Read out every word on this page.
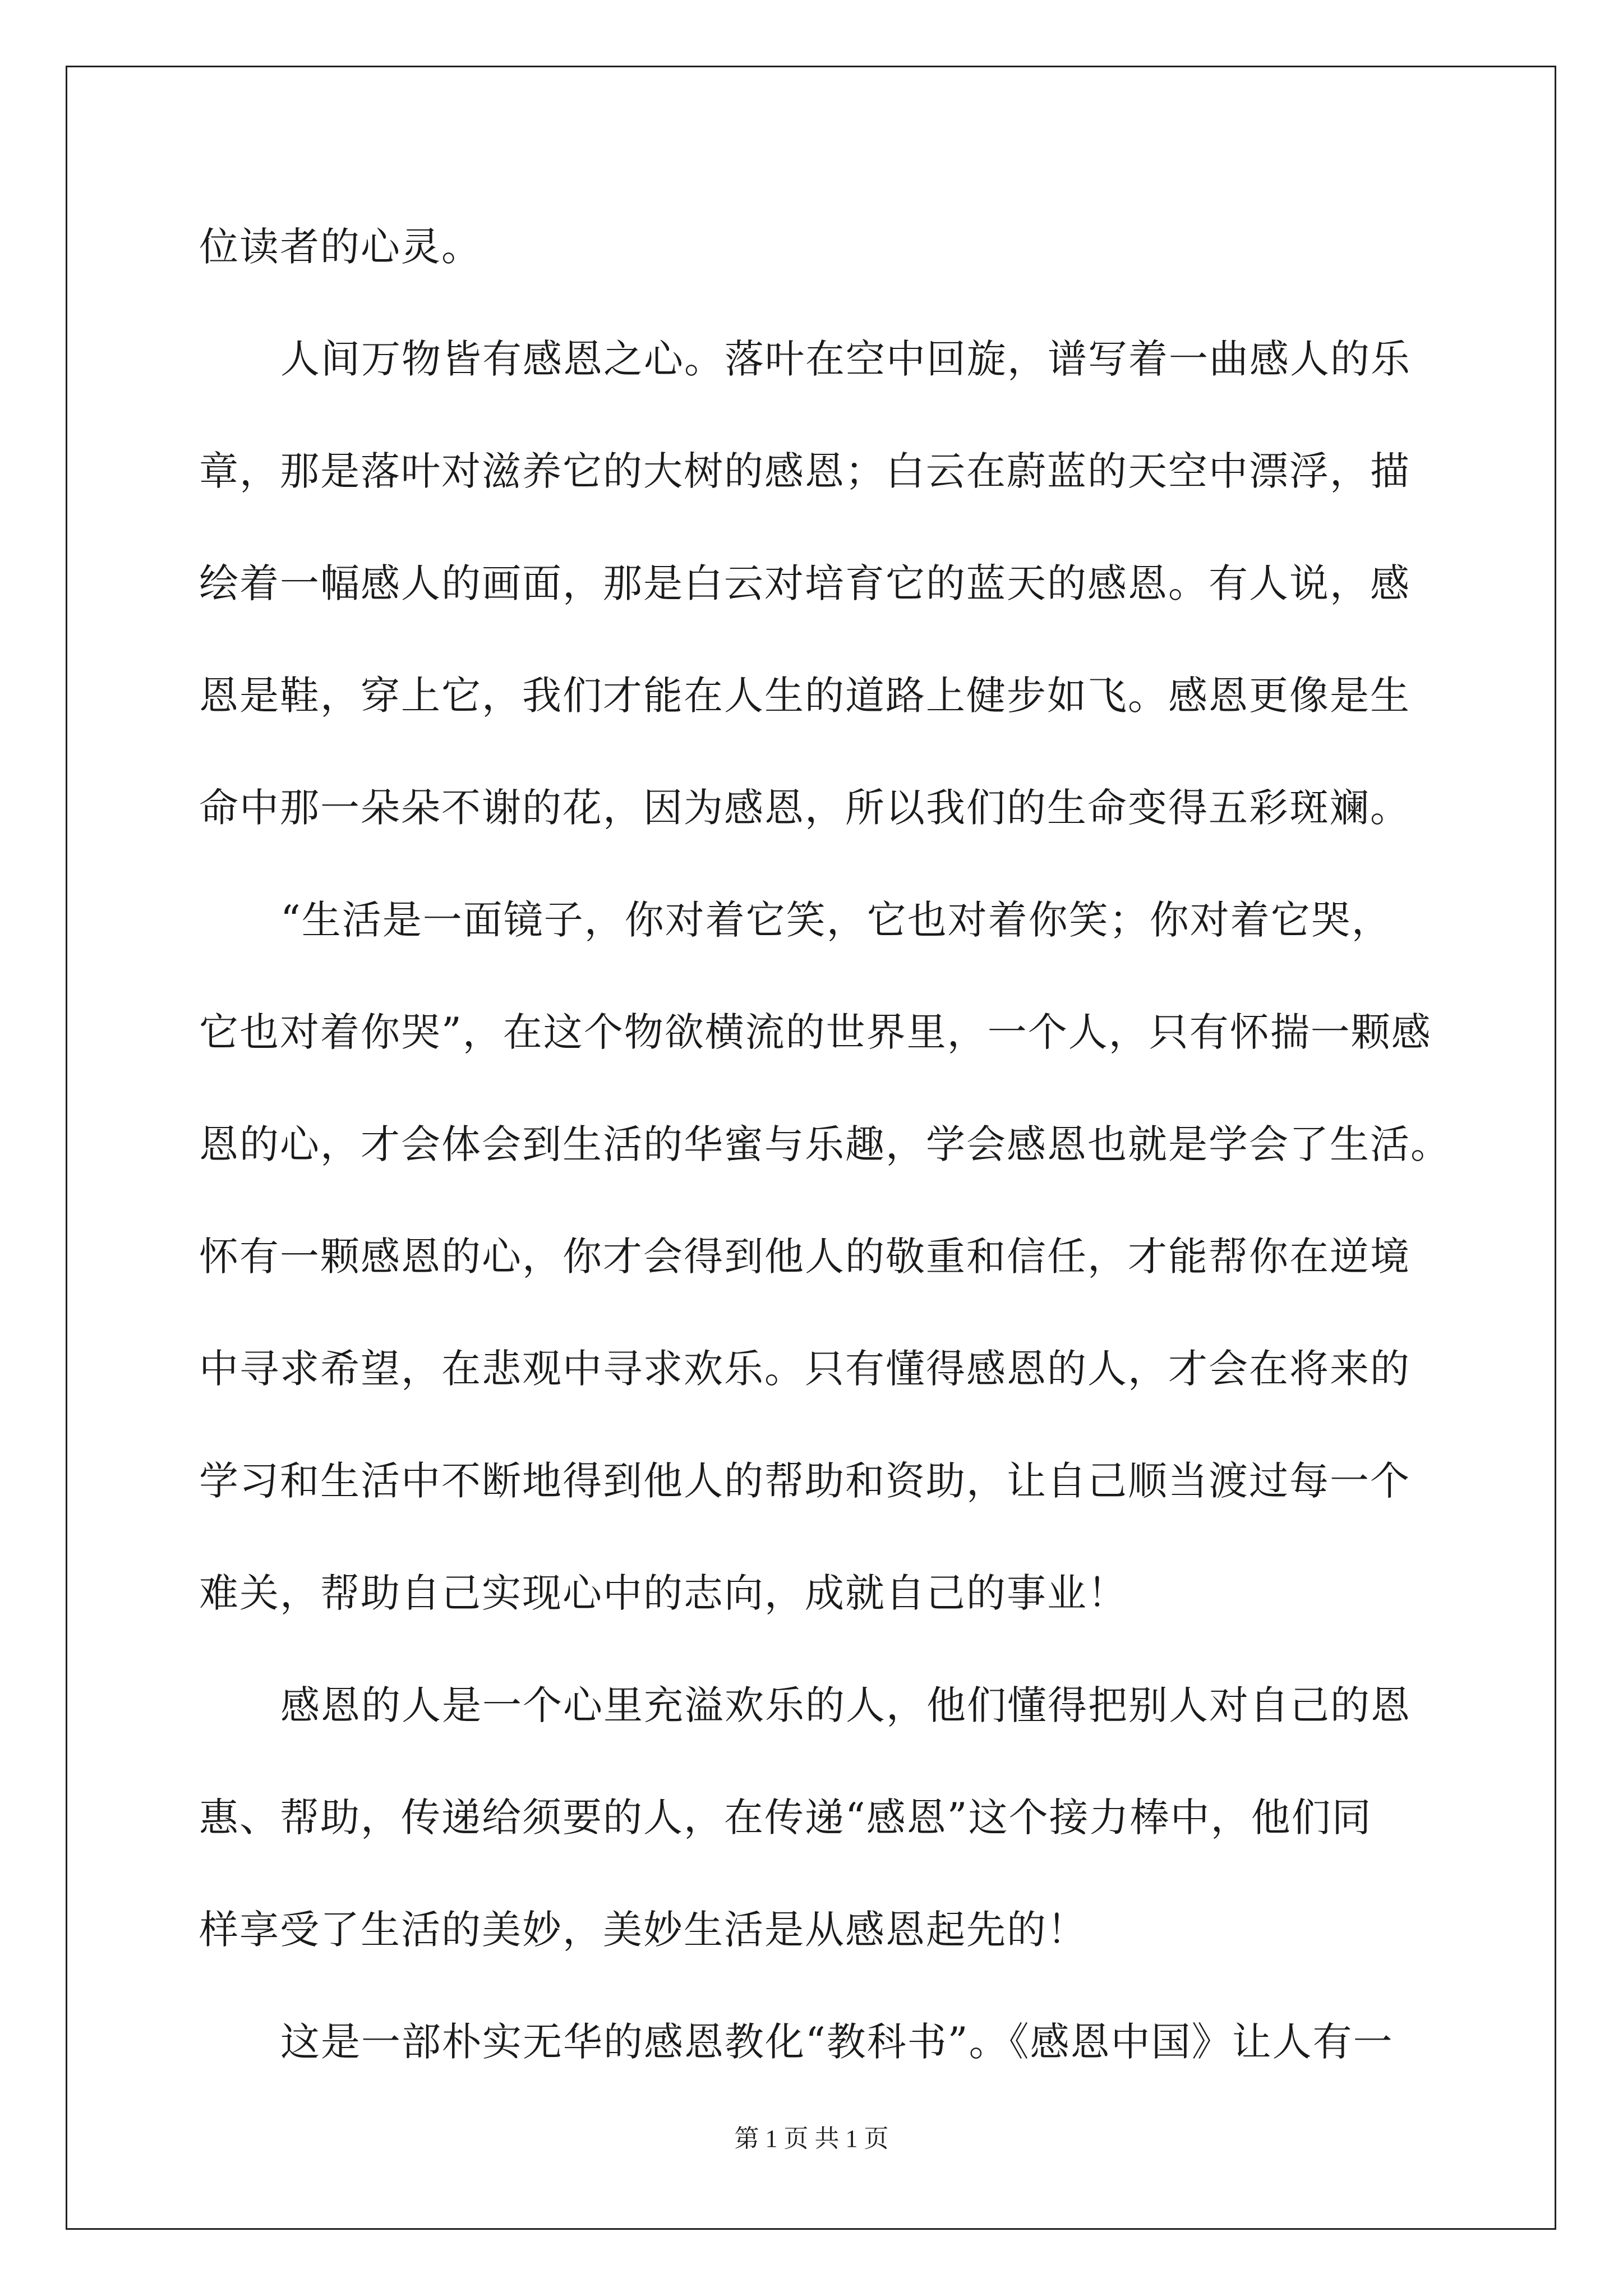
位读者的心灵。
人间万物皆有感恩之心。落叶在空中回旋，谱写着一曲感人的乐
章，那是落叶对滋养它的大树的感恩；白云在蔚蓝的天空中漂浮，描
绘着一幅感人的画面，那是白云对培育它的蓝天的感恩。有人说，感
恩是鞋，穿上它，我们才能在人生的道路上健步如飞。感恩更像是生
命中那一朵朵不谢的花，因为感恩，所以我们的生命变得五彩斑斓。
“生活是一面镜子，你对着它笑，它也对着你笑；你对着它哭，
它也对着你哭”，在这个物欲横流的世界里，一个人，只有怀揣一颗感
恩的心，才会体会到生活的华蜜与乐趣，学会感恩也就是学会了生活。
怀有一颗感恩的心，你才会得到他人的敬重和信任，才能帮你在逆境
中寻求希望，在悲观中寻求欢乐。只有懂得感恩的人，才会在将来的
学习和生活中不断地得到他人的帮助和资助，让自己顺当渡过每一个
难关，帮助自己实现心中的志向，成就自己的事业！
感恩的人是一个心里充溢欢乐的人，他们懂得把别人对自己的恩
惠、帮助，传递给须要的人，在传递“感恩”这个接力棒中，他们同
样享受了生活的美妙，美妙生活是从感恩起先的！
这是一部朴实无华的感恩教化“教科书”。《感恩中国》让人有一
第 1 页 共 1 页
